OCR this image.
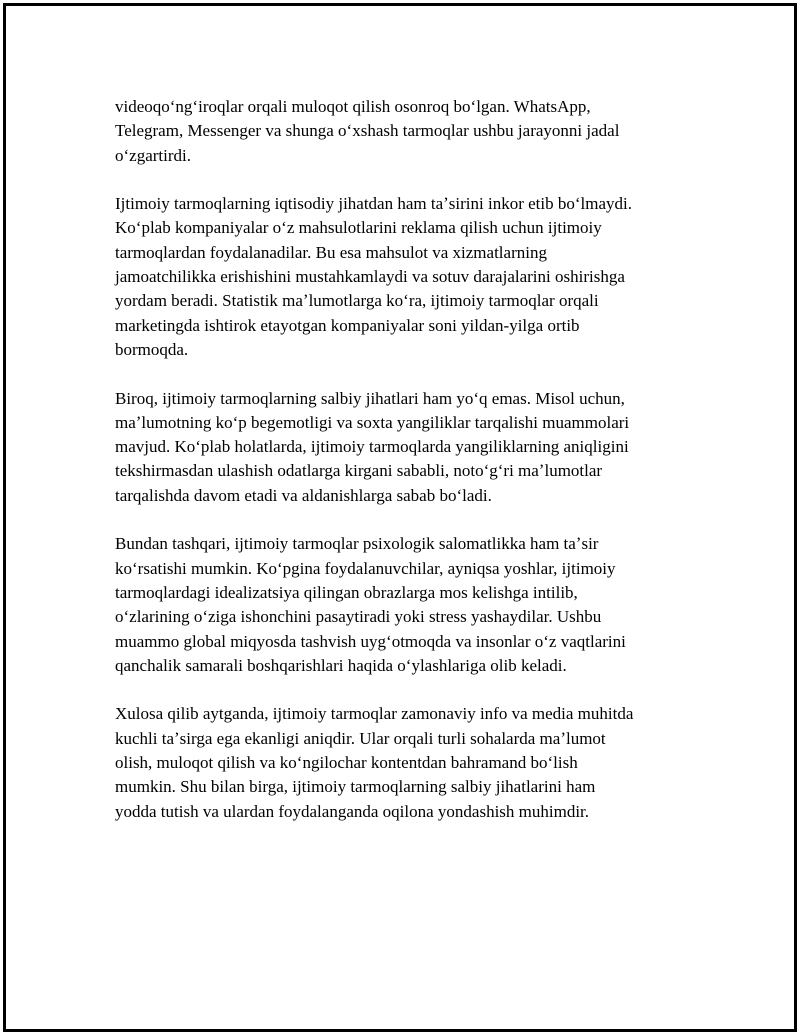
videoqoʻngʻiroqlar orqali muloqot qilish osonroq boʻlgan. WhatsApp,
Telegram, Messenger va shunga oʻxshash tarmoqlar ushbu jarayonni jadal
oʻzgartirdi.

Ijtimoiy tarmoqlarning iqtisodiy jihatdan ham taʼsirini inkor etib boʻlmaydi.
Koʻplab kompaniyalar oʻz mahsulotlarini reklama qilish uchun ijtimoiy
tarmoqlardan foydalanadilar. Bu esa mahsulot va xizmatlarning
jamoatchilikka erishishini mustahkamlaydi va sotuv darajalarini oshirishga
yordam beradi. Statistik maʼlumotlarga koʻra, ijtimoiy tarmoqlar orqali
marketingda ishtirok etayotgan kompaniyalar soni yildan-yilga ortib
bormoqda.

Biroq, ijtimoiy tarmoqlarning salbiy jihatlari ham yoʻq emas. Misol uchun,
maʼlumotning koʻp begemotligi va soxta yangiliklar tarqalishi muammolari
mavjud. Koʻplab holatlarda, ijtimoiy tarmoqlarda yangiliklarning aniqligini
tekshirmasdan ulashish odatlarga kirgani sababli, notoʻgʻri maʼlumotlar
tarqalishda davom etadi va aldanishlarga sabab boʻladi.

Bundan tashqari, ijtimoiy tarmoqlar psixologik salomatlikka ham taʼsir
koʻrsatishi mumkin. Koʻpgina foydalanuvchilar, ayniqsa yoshlar, ijtimoiy
tarmoqlardagi idealizatsiya qilingan obrazlarga mos kelishga intilib,
oʻzlarining oʻziga ishonchini pasaytiradi yoki stress yashaydilar. Ushbu
muammo global miqyosda tashvish uygʻotmoqda va insonlar oʻz vaqtlarini
qanchalik samarali boshqarishlari haqida oʻylashlariga olib keladi.

Xulosa qilib aytganda, ijtimoiy tarmoqlar zamonaviy info va media muhitda
kuchli taʼsirga ega ekanligi aniqdir. Ular orqali turli sohalarda maʼlumot
olish, muloqot qilish va koʻngilochar kontentdan bahramand boʻlish
mumkin. Shu bilan birga, ijtimoiy tarmoqlarning salbiy jihatlarini ham
yodda tutish va ulardan foydalanganda oqilona yondashish muhimdir.
